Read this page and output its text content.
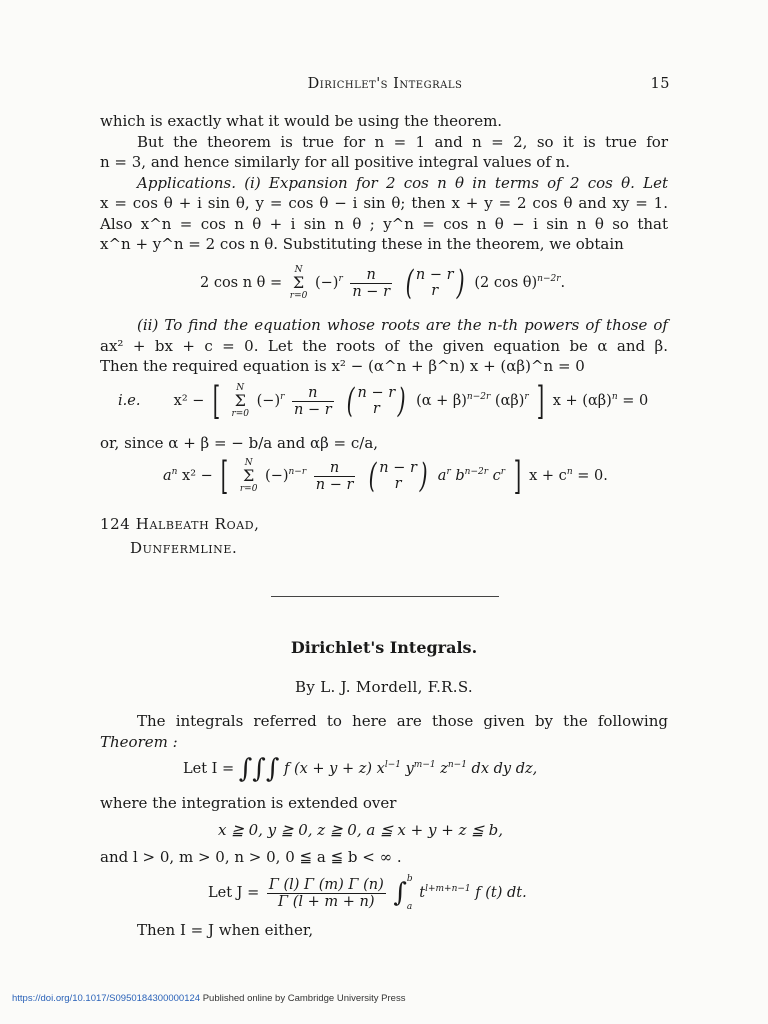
Dirichlet's Integrals	15
which is exactly what it would be using the theorem.
But the theorem is true for n = 1 and n = 2, so it is true for
n = 3, and hence similarly for all positive integral values of n.
Applications. (i) Expansion for 2 cos n θ in terms of 2 cos θ. Let
x = cos θ + i sin θ, y = cos θ − i sin θ; then x + y = 2 cos θ and xy = 1.
Also x^n = cos n θ + i sin n θ ; y^n = cos n θ − i sin n θ so that
x^n + y^n = 2 cos n θ. Substituting these in the theorem, we obtain
2 cos n θ =
N
Σ
r=0
$(-)^r \frac{n}{n - r}$ ( n − r
r ) (2 cos θ)$^{n-2r}$.
(ii) To find the equation whose roots are the n-th powers of those of
ax² + bx + c = 0. Let the roots of the given equation be α and β.
Then the required equation is x² − (α^n + β^n) x + (αβ)^n = 0
i.e. x² − [	N
Σ
r=0
$(-)^r \frac{n}{n - r}$ ( n − r
r ) $(\alpha + \beta)^{n-2r}$ $(\alpha\beta)^r$ ] $x + (\alpha\beta)^n = 0$
or, since α + β = − b/a and αβ = c/a,
$a^n$ x² − [	N
Σ
r=0
$(-)^{n-r} \frac{n}{n - r}$ ( n − r
r ) $a^r$ $b^{n-2r}$ $c^r$ ] $x + c^n = 0$.
124 Halbeath Road,
Dunfermline.
Dirichlet's Integrals.
By L. J. Mordell, F.R.S.
The integrals referred to here are those given by the following
Theorem :
Let I = ∫∫∫ f (x + y + z) $x^{l-1}$ $y^{m-1}$ $z^{n-1}$ dx dy dz,
where the integration is extended over
x ≧ 0, y ≧ 0, z ≧ 0, a ≦ x + y + z ≦ b,
and l > 0, m > 0, n > 0, 0 ≦ a ≦ b < ∞ .
Let $J = \frac{\Gamma (l) \Gamma (m) \Gamma (n)}{\Gamma (l + m + n)} \int b$

a $t^{l+m+n-1}$ f (t) dt.
Then I = J when either,
https://doi.org/10.1017/S0950184300000124 Published online by Cambridge University Press
